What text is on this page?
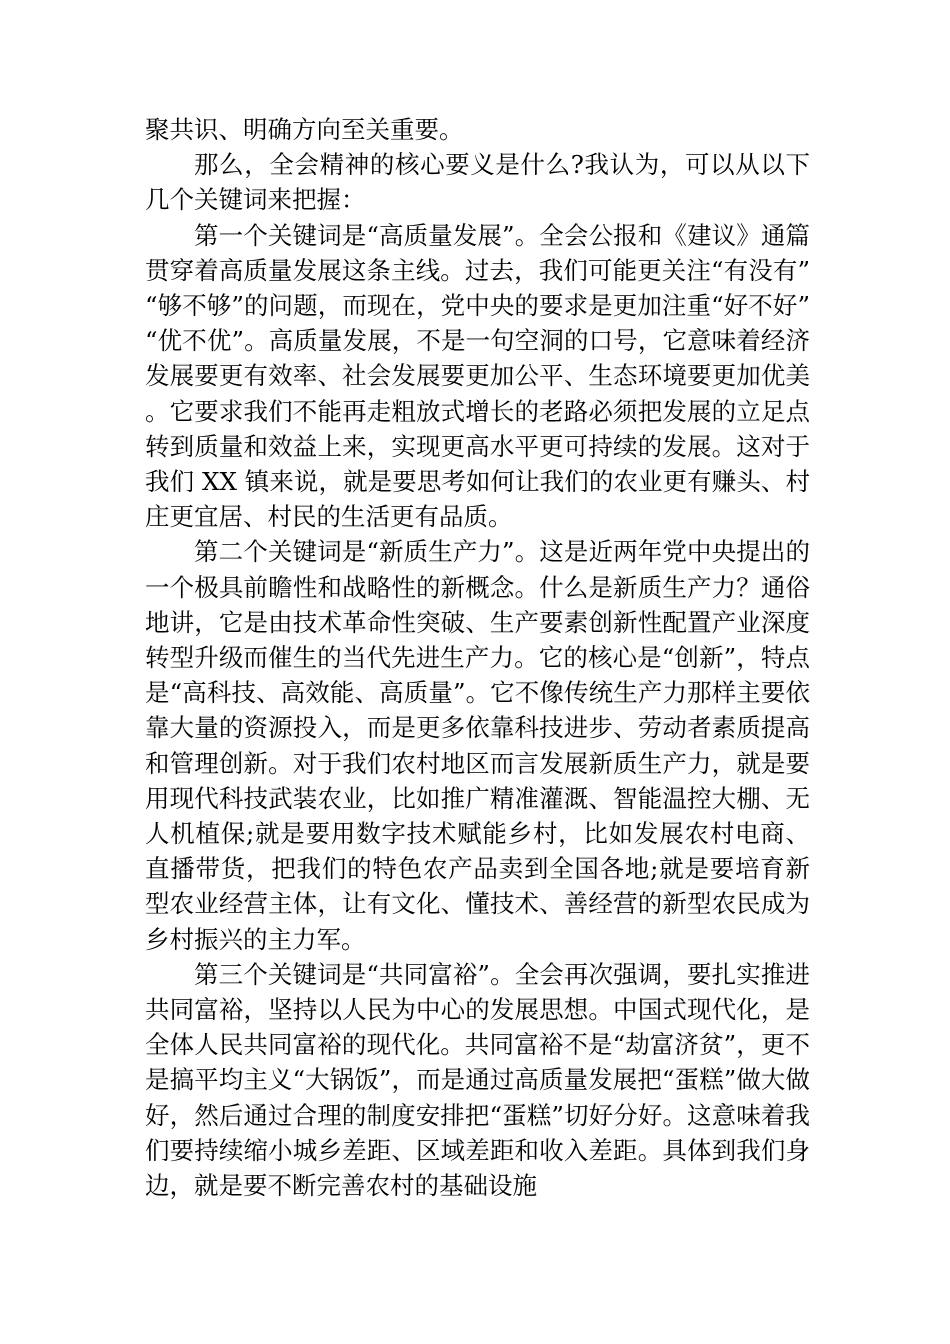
聚共识、明确方向至关重要。

那么，全会精神的核心要义是什么?我认为，可以从以下几个关键词来把握：

第一个关键词是“高质量发展”。全会公报和《建议》通篇贯穿着高质量发展这条主线。过去，我们可能更关注“有没有”“够不够”的问题，而现在，党中央的要求是更加注重“好不好”“优不优”。高质量发展，不是一句空洞的口号，它意味着经济发展要更有效率、社会发展要更加公平、生态环境要更加优美。它要求我们不能再走粗放式增长的老路必须把发展的立足点转到质量和效益上来，实现更高水平更可持续的发展。这对于我们 XX 镇来说，就是要思考如何让我们的农业更有赚头、村庄更宜居、村民的生活更有品质。

第二个关键词是“新质生产力”。这是近两年党中央提出的一个极具前瞻性和战略性的新概念。什么是新质生产力？通俗地讲，它是由技术革命性突破、生产要素创新性配置产业深度转型升级而催生的当代先进生产力。它的核心是“创新”，特点是“高科技、高效能、高质量”。它不像传统生产力那样主要依靠大量的资源投入，而是更多依靠科技进步、劳动者素质提高和管理创新。对于我们农村地区而言发展新质生产力，就是要用现代科技武装农业，比如推广精准灌溉、智能温控大棚、无人机植保;就是要用数字技术赋能乡村，比如发展农村电商、直播带货，把我们的特色农产品卖到全国各地;就是要培育新型农业经营主体，让有文化、懂技术、善经营的新型农民成为乡村振兴的主力军。

第三个关键词是“共同富裕”。全会再次强调，要扎实推进共同富裕，坚持以人民为中心的发展思想。中国式现代化，是全体人民共同富裕的现代化。共同富裕不是“劫富济贫”，更不是搞平均主义“大锅饭”，而是通过高质量发展把“蛋糕”做大做好，然后通过合理的制度安排把“蛋糕”切好分好。这意味着我们要持续缩小城乡差距、区域差距和收入差距。具体到我们身边，就是要不断完善农村的基础设施
